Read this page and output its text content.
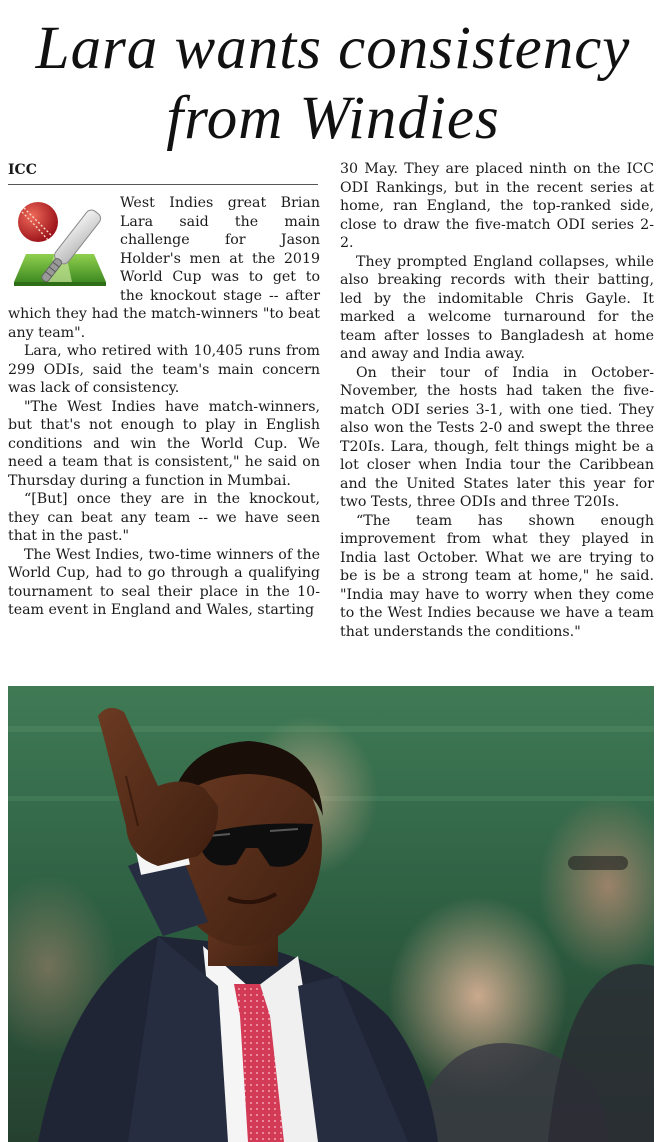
Lara wants consistency
from Windies
ICC

West Indies great Brian Lara said the main challenge for Jason Holder's men at the 2019 World Cup was to get to the knockout stage -- after which they had the match-winners "to beat any team".

Lara, who retired with 10,405 runs from 299 ODIs, said the team's main concern was lack of consistency.

"The West Indies have match-winners, but that's not enough to play in English conditions and win the World Cup. We need a team that is consistent," he said on Thursday during a function in Mumbai.

“[But] once they are in the knockout, they can beat any team -- we have seen that in the past."

The West Indies, two-time winners of the World Cup, had to go through a qualifying tournament to seal their place in the 10-team event in England and Wales, starting

30 May. They are placed ninth on the ICC ODI Rankings, but in the recent series at home, ran England, the top-ranked side, close to draw the five-match ODI series 2-2.

They prompted England collapses, while also breaking records with their batting, led by the indomitable Chris Gayle. It marked a welcome turnaround for the team after losses to Bangladesh at home and away and India away.

On their tour of India in October-November, the hosts had taken the five-match ODI series 3-1, with one tied. They also won the Tests 2-0 and swept the three T20Is. Lara, though, felt things might be a lot closer when India tour the Caribbean and the United States later this year for two Tests, three ODIs and three T20Is.

“The team has shown enough improvement from what they played in India last October. What we are trying to be is be a strong team at home," he said. "India may have to worry when they come to the West Indies because we have a team that understands the conditions."
